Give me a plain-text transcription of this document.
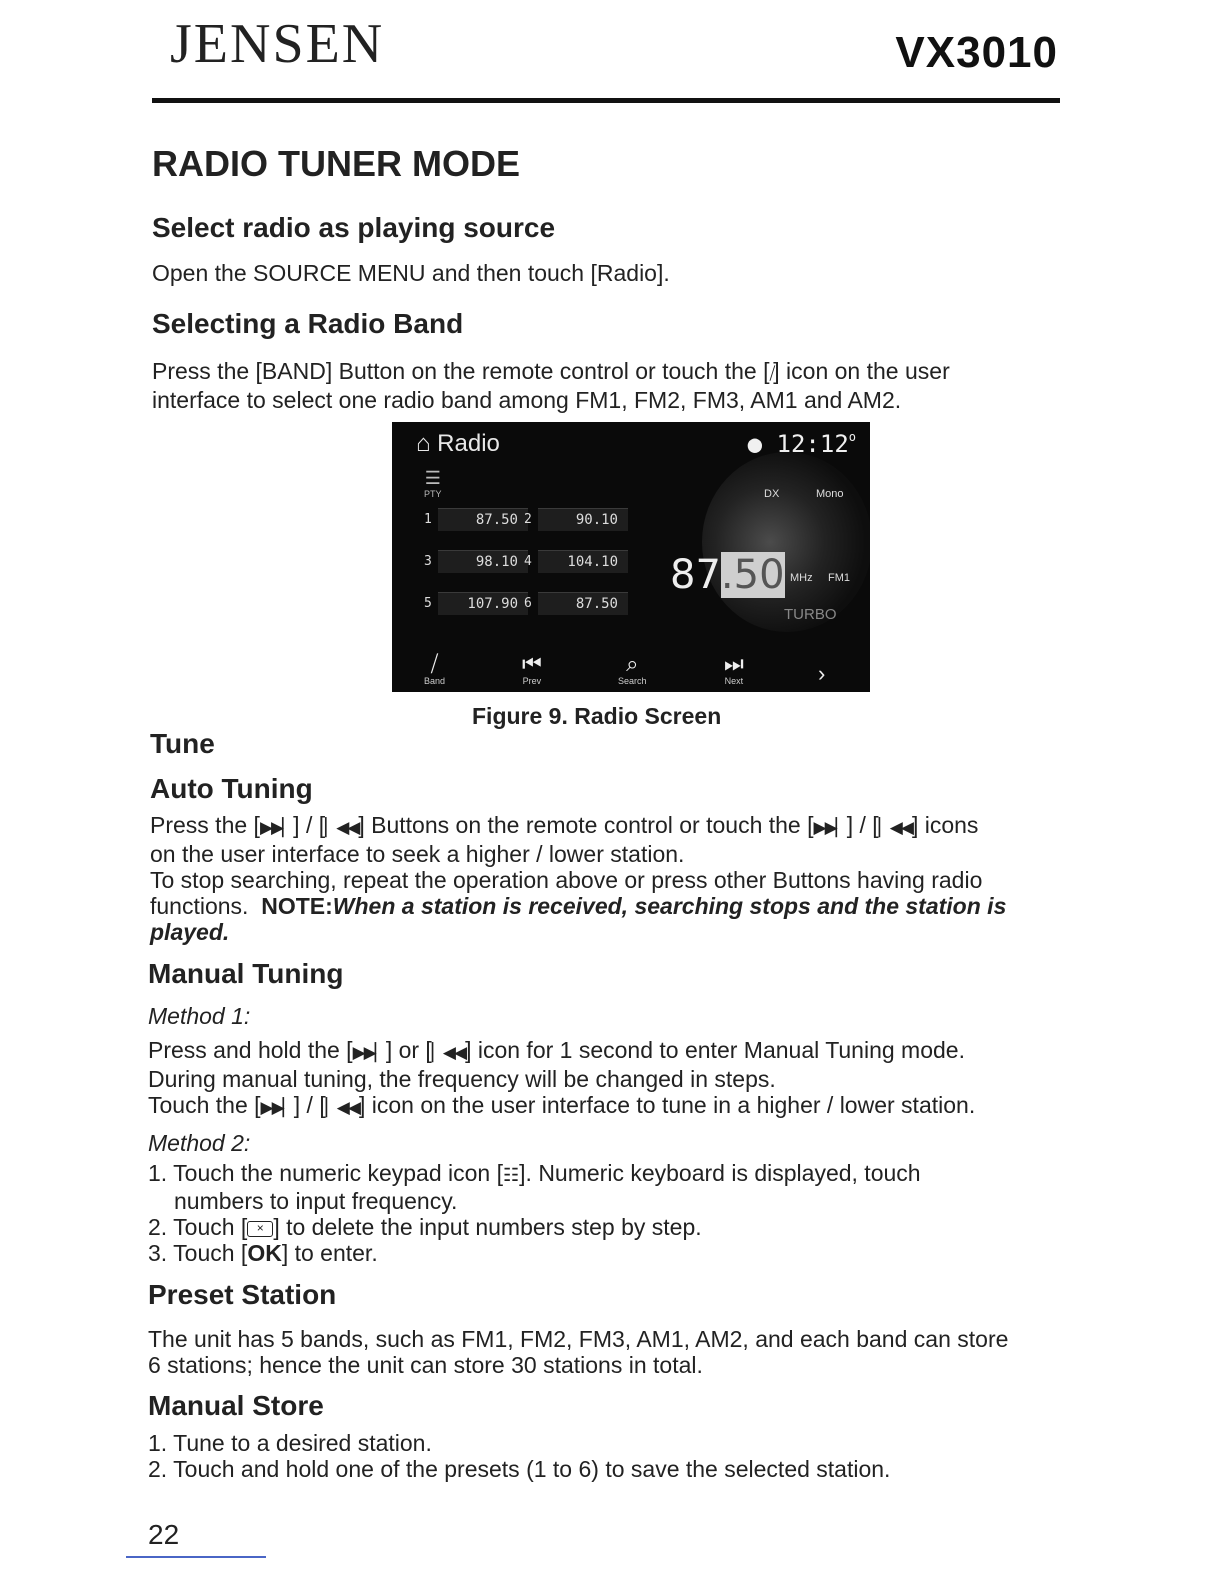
JENSEN	VX3010
RADIO TUNER MODE
Select radio as playing source
Open the SOURCE MENU and then touch [Radio].
Selecting a Radio Band
Press the [BAND] Button on the remote control or touch the [⧸] icon on the user
interface to select one radio band among FM1, FM2, FM3, AM1 and AM2.
⌂ Radio	● 12:12$^o$
☰
PTY	DX	Mono
1	87.50 2	90.10
3	98.10 4	104.10
5	107.90 6	87.50
87.50 MHz FM1
TURBO
⧸
Band
⏮
Prev
⌕
Search
⏭
Next	›
Figure 9. Radio Screen
Tune
Auto Tuning
Press the [▶▶▏] / [▏◀◀] Buttons on the remote control or touch the [▶▶▏] / [▏◀◀] icons
on the user interface to seek a higher / lower station.
To stop searching, repeat the operation above or press other Buttons having radio
functions. NOTE:When a station is received, searching stops and the station is
played.
Manual Tuning
Method 1:
Press and hold the [▶▶▏] or [▏◀◀] icon for 1 second to enter Manual Tuning mode.
During manual tuning, the frequency will be changed in steps.
Touch the [▶▶▏] / [▏◀◀] icon on the user interface to tune in a higher / lower station.
Method 2:
1. Touch the numeric keypad icon [☷]. Numeric keyboard is displayed, touch
numbers to input frequency.
2. Touch [ × ] to delete the input numbers step by step.
3. Touch [OK] to enter.
Preset Station
The unit has 5 bands, such as FM1, FM2, FM3, AM1, AM2, and each band can store
6 stations; hence the unit can store 30 stations in total.
Manual Store
1. Tune to a desired station.
2. Touch and hold one of the presets (1 to 6) to save the selected station.
22
